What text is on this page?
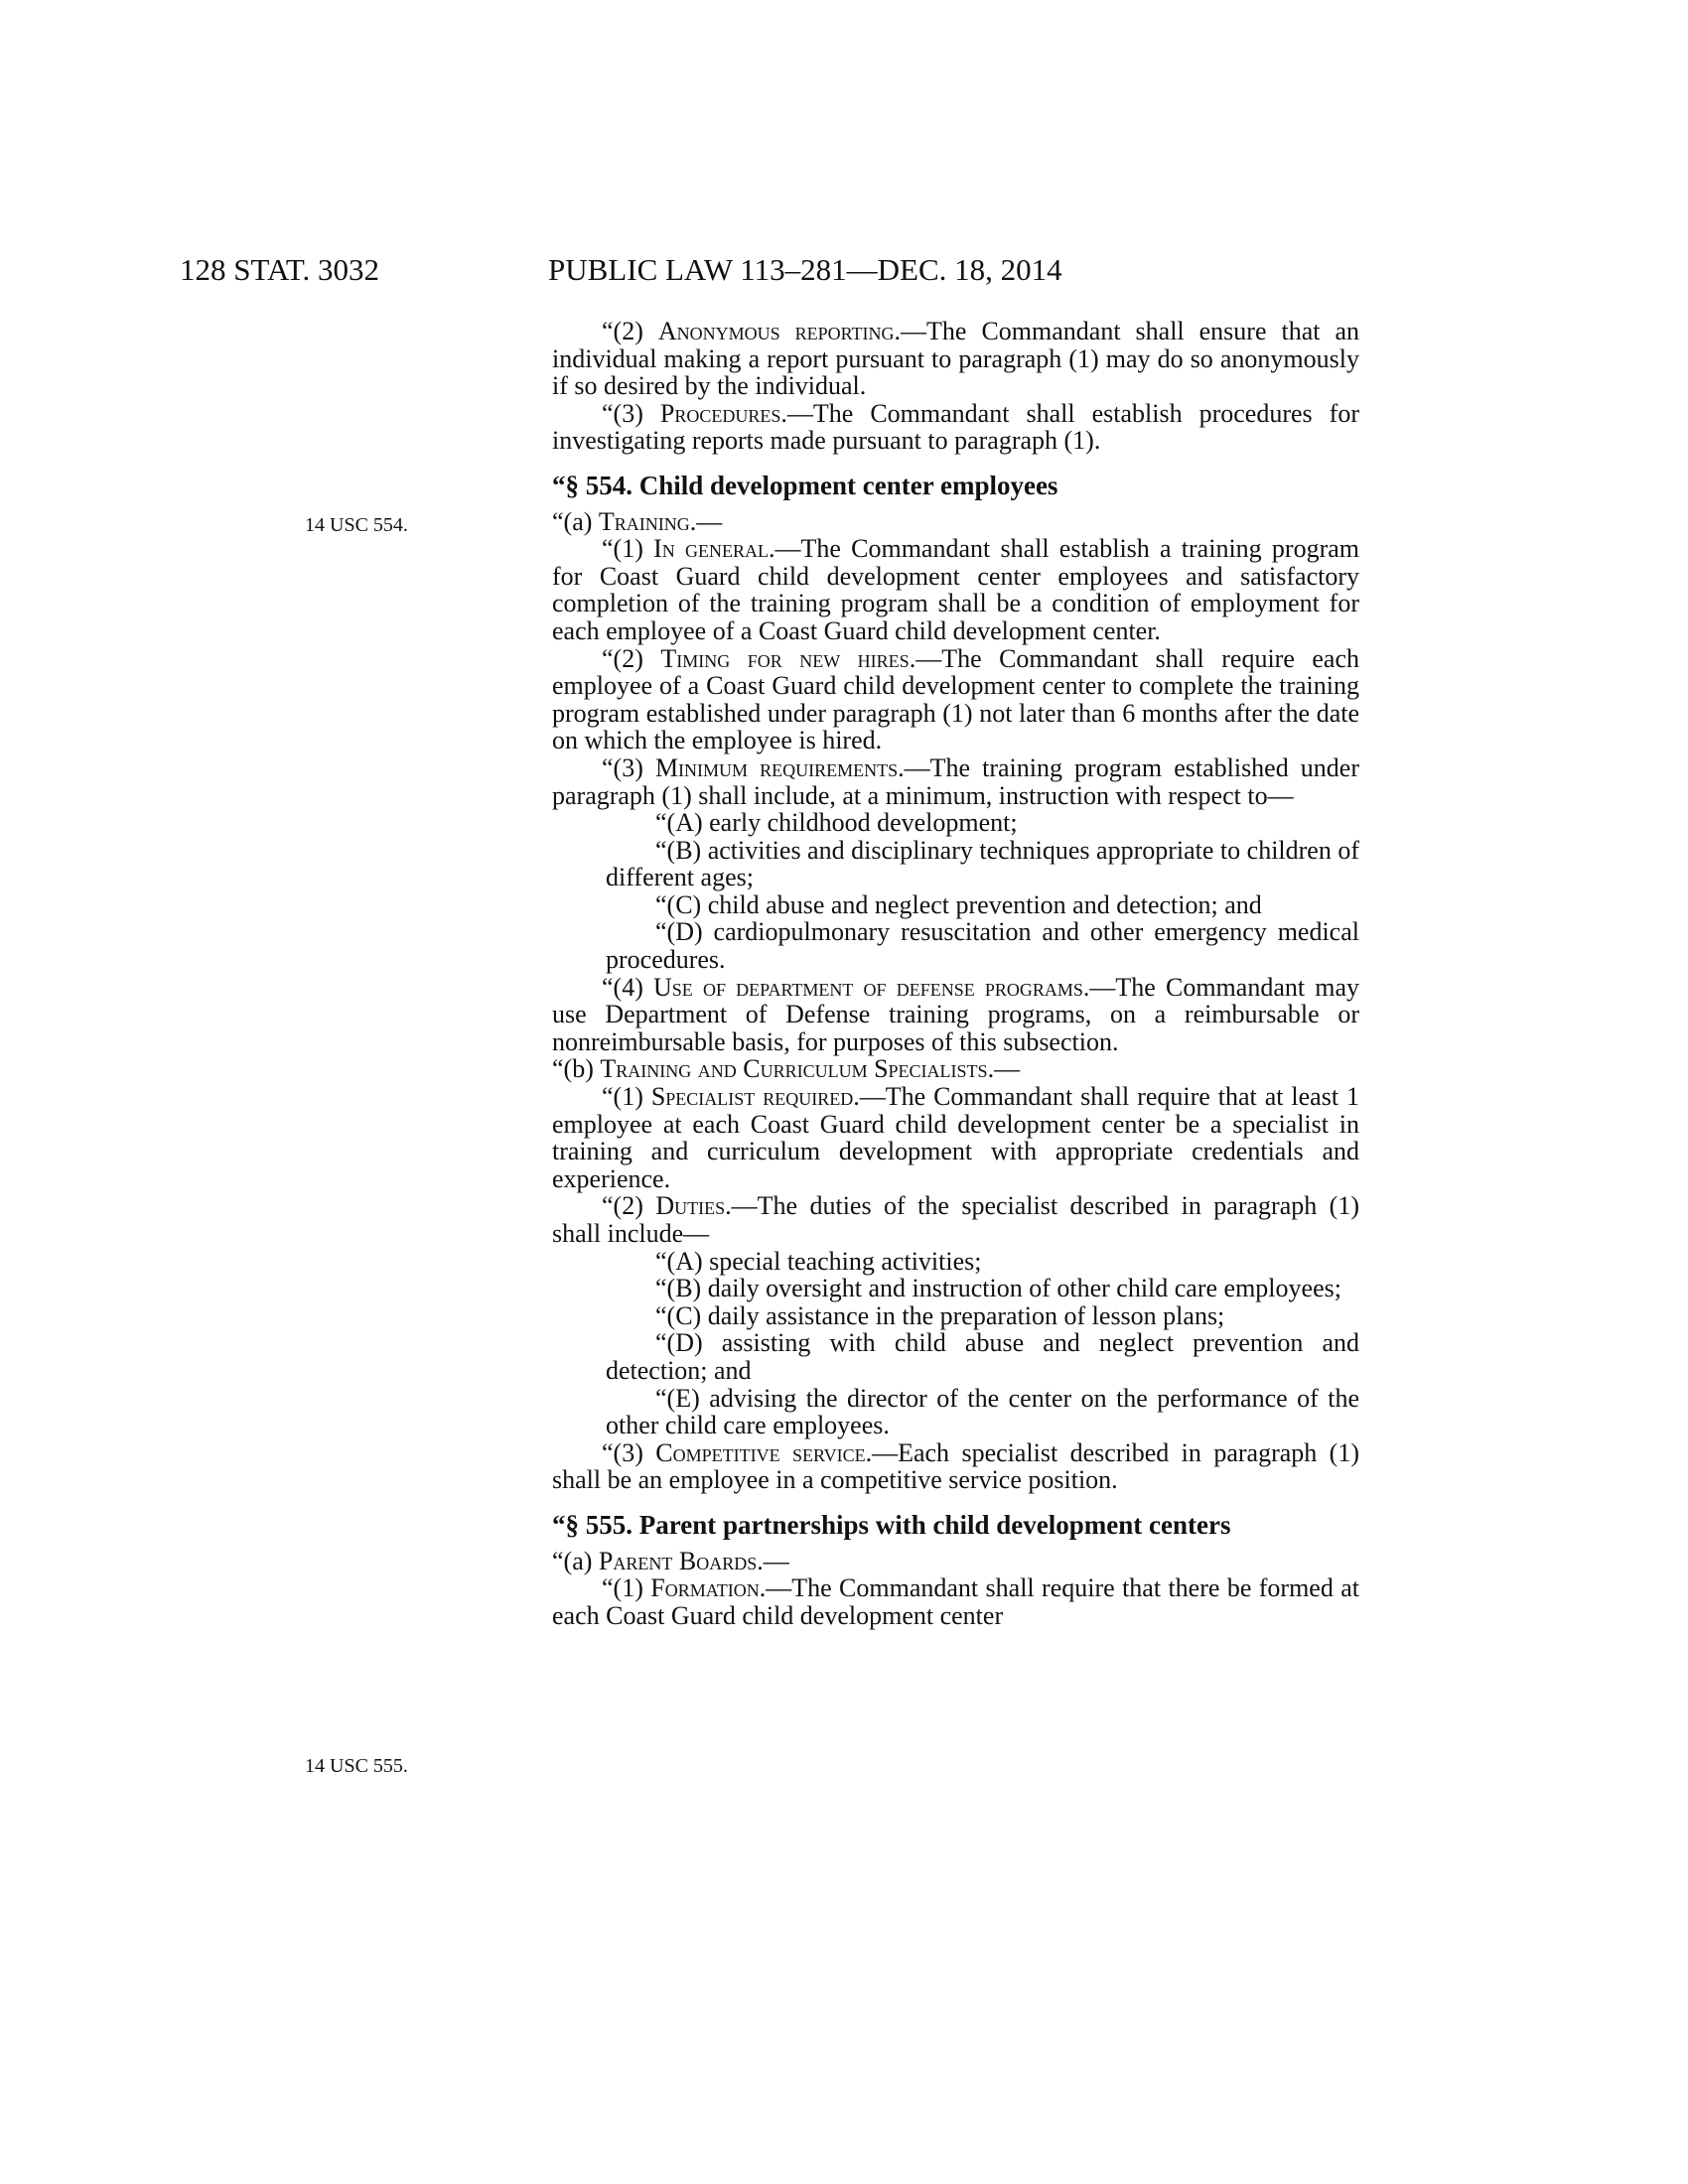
128 STAT. 3032	PUBLIC LAW 113–281—DEC. 18, 2014
14 USC 554.
14 USC 555.

“(2) Anonymous reporting.—The Commandant shall ensure that an individual making a report pursuant to paragraph (1) may do so anonymously if so desired by the individual.

“(3) Procedures.—The Commandant shall establish procedures for investigating reports made pursuant to paragraph (1).

“§ 554. Child development center employees

“(a) Training.—

“(1) In general.—The Commandant shall establish a training program for Coast Guard child development center employees and satisfactory completion of the training program shall be a condition of employment for each employee of a Coast Guard child development center.

“(2) Timing for new hires.—The Commandant shall require each employee of a Coast Guard child development center to complete the training program established under paragraph (1) not later than 6 months after the date on which the employee is hired.

“(3) Minimum requirements.—The training program established under paragraph (1) shall include, at a minimum, instruction with respect to—

“(A) early childhood development;

“(B) activities and disciplinary techniques appropriate to children of different ages;

“(C) child abuse and neglect prevention and detection; and

“(D) cardiopulmonary resuscitation and other emergency medical procedures.

“(4) Use of department of defense programs.—The Commandant may use Department of Defense training programs, on a reimbursable or nonreimbursable basis, for purposes of this subsection.

“(b) Training and Curriculum Specialists.—

“(1) Specialist required.—The Commandant shall require that at least 1 employee at each Coast Guard child development center be a specialist in training and curriculum development with appropriate credentials and experience.

“(2) Duties.—The duties of the specialist described in paragraph (1) shall include—

“(A) special teaching activities;

“(B) daily oversight and instruction of other child care employees;

“(C) daily assistance in the preparation of lesson plans;

“(D) assisting with child abuse and neglect prevention and detection; and

“(E) advising the director of the center on the performance of the other child care employees.

“(3) Competitive service.—Each specialist described in paragraph (1) shall be an employee in a competitive service position.

“§ 555. Parent partnerships with child development centers

“(a) Parent Boards.—

“(1) Formation.—The Commandant shall require that there be formed at each Coast Guard child development center
